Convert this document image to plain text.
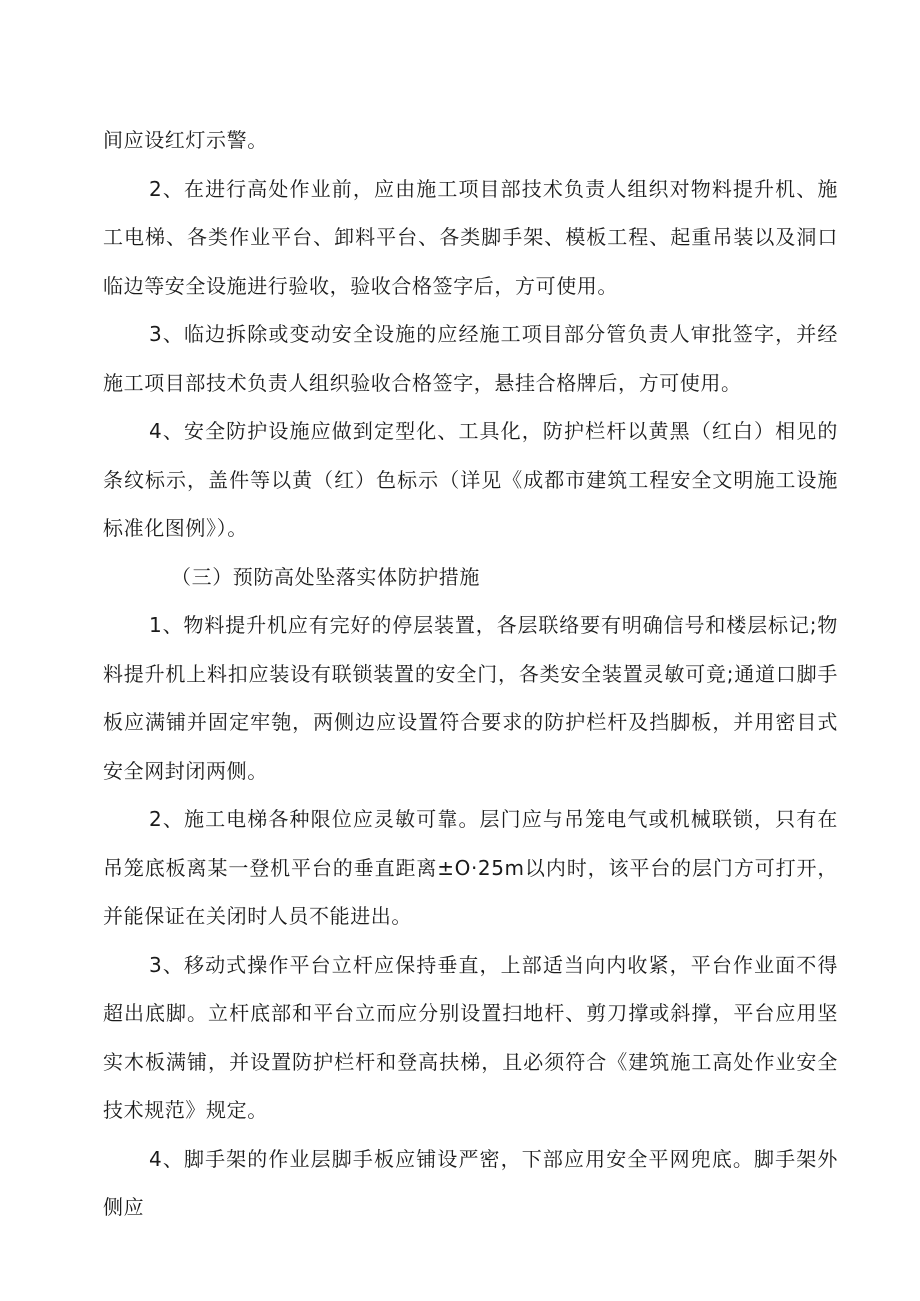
间应设红灯示警。

2、在进行高处作业前，应由施工项目部技术负责人组织对物料提升机、施工电梯、各类作业平台、卸料平台、各类脚手架、模板工程、起重吊装以及洞口临边等安全设施进行验收，验收合格签字后，方可使用。

3、临边拆除或变动安全设施的应经施工项目部分管负责人审批签字，并经施工项目部技术负责人组织验收合格签字，悬挂合格牌后，方可使用。

4、安全防护设施应做到定型化、工具化，防护栏杆以黄黑（红白）相见的条纹标示，盖件等以黄（红）色标示（详见《成都市建筑工程安全文明施工设施标准化图例》）。

（三）预防高处坠落实体防护措施

1、物料提升机应有完好的停层装置，各层联络要有明确信号和楼层标记;物料提升机上料扣应装设有联锁装置的安全门，各类安全装置灵敏可竟;通道口脚手板应满铺并固定牢匏，两侧边应设置符合要求的防护栏杆及挡脚板，并用密目式安全网封闭两侧。

2、施工电梯各种限位应灵敏可靠。层门应与吊笼电气或机械联锁，只有在吊笼底板离某一登机平台的垂直距离±O·25m以内时，该平台的层门方可打开，并能保证在关闭时人员不能进出。

3、移动式操作平台立杆应保持垂直，上部适当向内收紧，平台作业面不得超出底脚。立杆底部和平台立而应分别设置扫地杆、剪刀撑或斜撑，平台应用坚实木板满铺，并设置防护栏杆和登高扶梯，且必须符合《建筑施工高处作业安全技术规范》规定。

4、脚手架的作业层脚手板应铺设严密，下部应用安全平网兜底。脚手架外侧应
